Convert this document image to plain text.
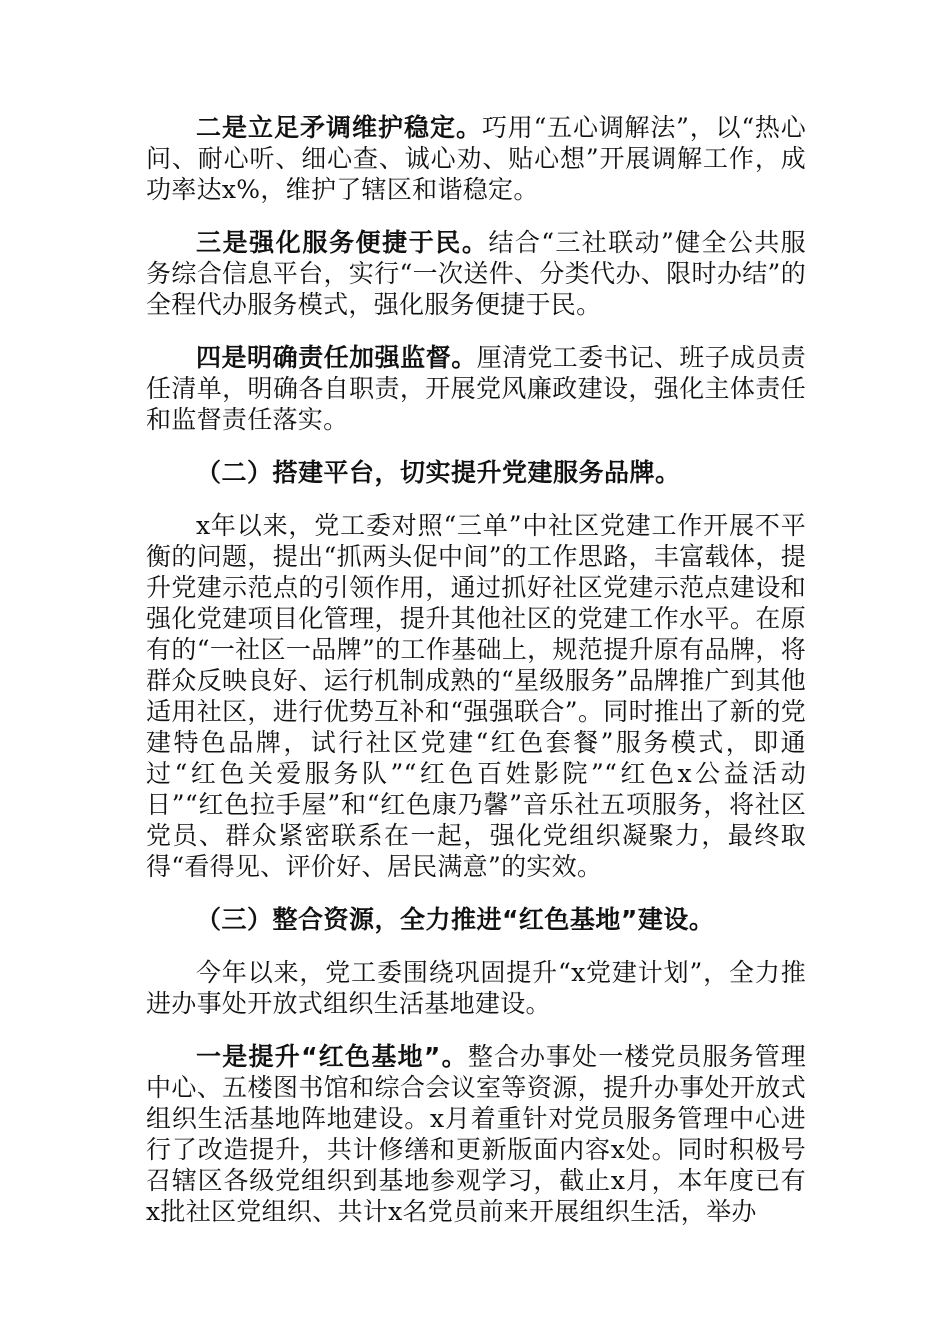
二是立足矛调维护稳定。巧用“五心调解法”，以“热心问、耐心听、细心查、诚心劝、贴心想”开展调解工作，成功率达x%，维护了辖区和谐稳定。

三是强化服务便捷于民。结合“三社联动”健全公共服务综合信息平台，实行“一次送件、分类代办、限时办结”的全程代办服务模式，强化服务便捷于民。

四是明确责任加强监督。厘清党工委书记、班子成员责任清单，明确各自职责，开展党风廉政建设，强化主体责任和监督责任落实。

（二）搭建平台，切实提升党建服务品牌。

x年以来，党工委对照“三单”中社区党建工作开展不平衡的问题，提出“抓两头促中间”的工作思路，丰富载体，提升党建示范点的引领作用，通过抓好社区党建示范点建设和强化党建项目化管理，提升其他社区的党建工作水平。在原有的“一社区一品牌”的工作基础上，规范提升原有品牌，将群众反映良好、运行机制成熟的“星级服务”品牌推广到其他适用社区，进行优势互补和“强强联合”。同时推出了新的党建特色品牌，试行社区党建“红色套餐”服务模式，即通过“红色关爱服务队”“红色百姓影院”“红色x公益活动日”“红色拉手屋”和“红色康乃馨”音乐社五项服务，将社区党员、群众紧密联系在一起，强化党组织凝聚力，最终取得“看得见、评价好、居民满意”的实效。

（三）整合资源，全力推进“红色基地”建设。

今年以来，党工委围绕巩固提升“x党建计划”，全力推进办事处开放式组织生活基地建设。

一是提升“红色基地”。整合办事处一楼党员服务管理中心、五楼图书馆和综合会议室等资源，提升办事处开放式组织生活基地阵地建设。x月着重针对党员服务管理中心进行了改造提升，共计修缮和更新版面内容x处。同时积极号召辖区各级党组织到基地参观学习，截止x月，本年度已有x批社区党组织、共计x名党员前来开展组织生活，举办
